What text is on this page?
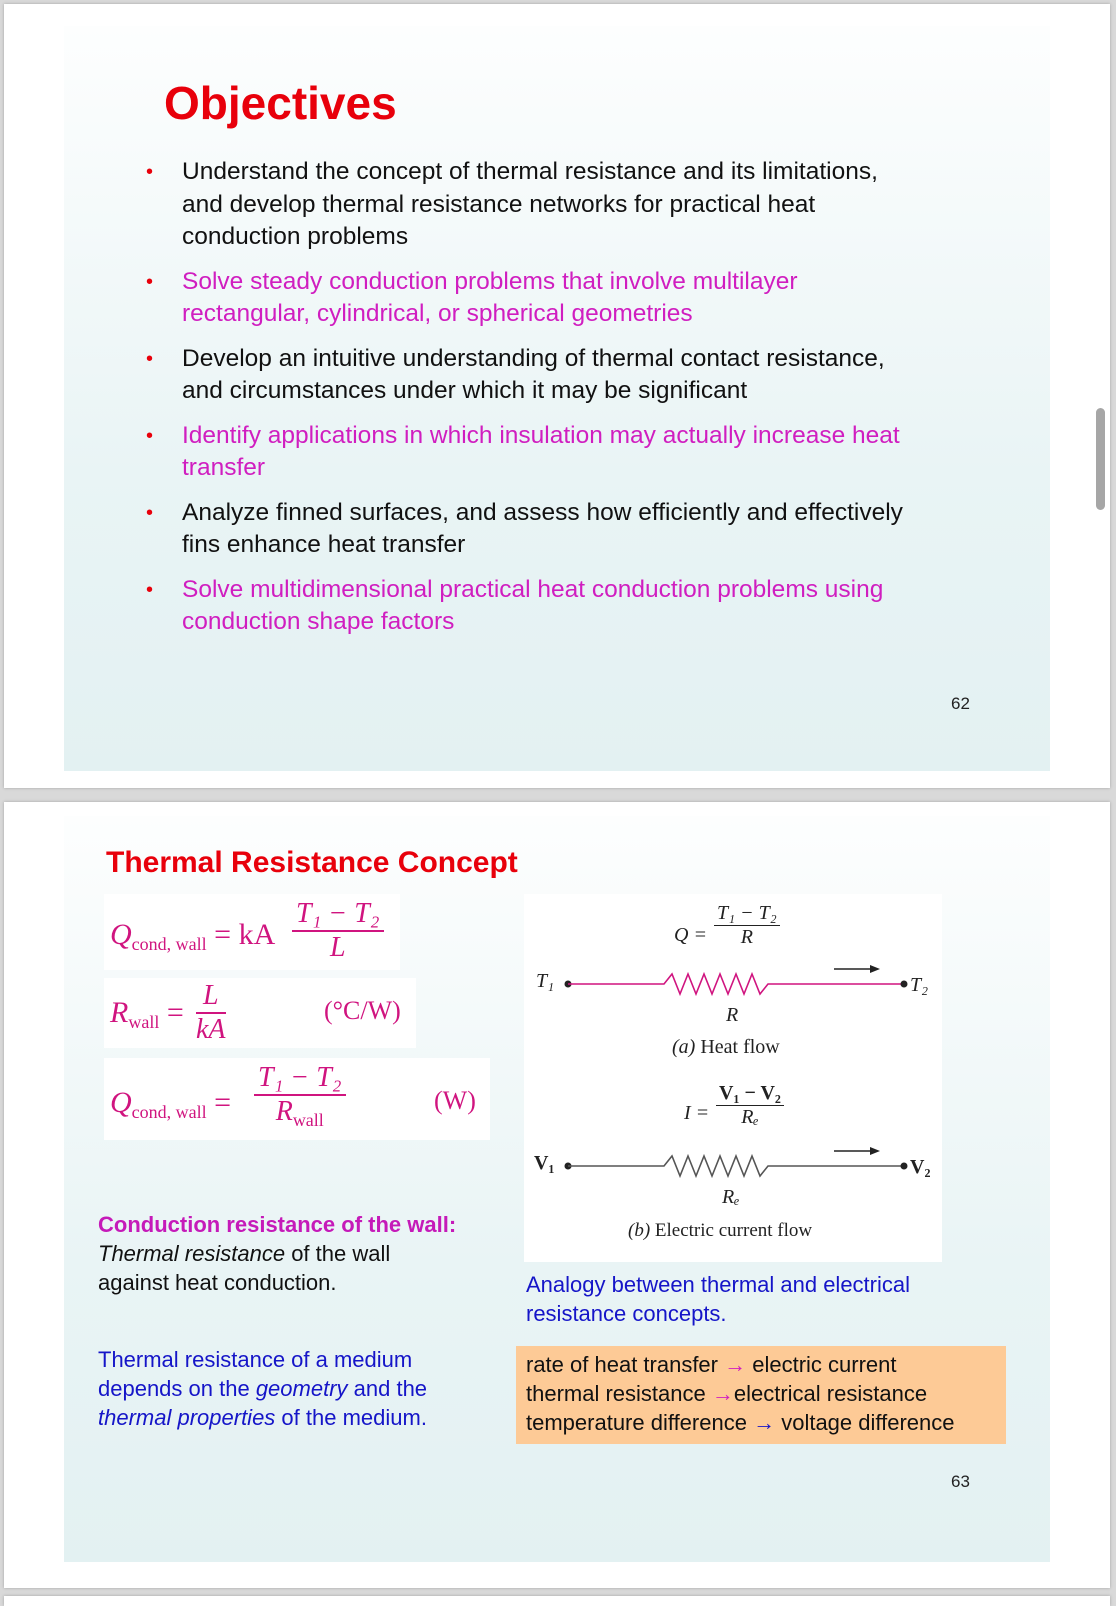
Objectives
• Understand the concept of thermal resistance and its limitations, and develop thermal resistance networks for practical heat conduction problems
• Solve steady conduction problems that involve multilayer rectangular, cylindrical, or spherical geometries
• Develop an intuitive understanding of thermal contact resistance, and circumstances under which it may be significant
• Identify applications in which insulation may actually increase heat transfer
• Analyze finned surfaces, and assess how efficiently and effectively fins enhance heat transfer
• Solve multidimensional practical heat conduction problems using conduction shape factors
62
Thermal Resistance Concept
$Q_{cond, wall}$ = kA $\frac{\text{T₁ − T₂}}{L}$
$R_{wall} = \frac{L}{kA}$	(°C/W)
$Q_{cond, wall}$ =
T₁ − T₂
$R_{wall}$
(W)
Conduction resistance of the wall:
Thermal resistance of the wall
against heat conduction.
Thermal resistance of a medium
depends on the geometry and the
thermal properties of the medium.
$Q = \frac{\text{T₁ − T₂}}{R}$
T₁	T₂
R
(a) Heat flow
$I = \frac{\text{V₁ − V₂}}{\text{Rₑ}}$
V₁	V₂
Rₑ
(b) Electric current flow
Analogy between thermal and electrical resistance concepts.
rate of heat transfer → electric current
thermal resistance →electrical resistance
temperature difference → voltage difference
63
